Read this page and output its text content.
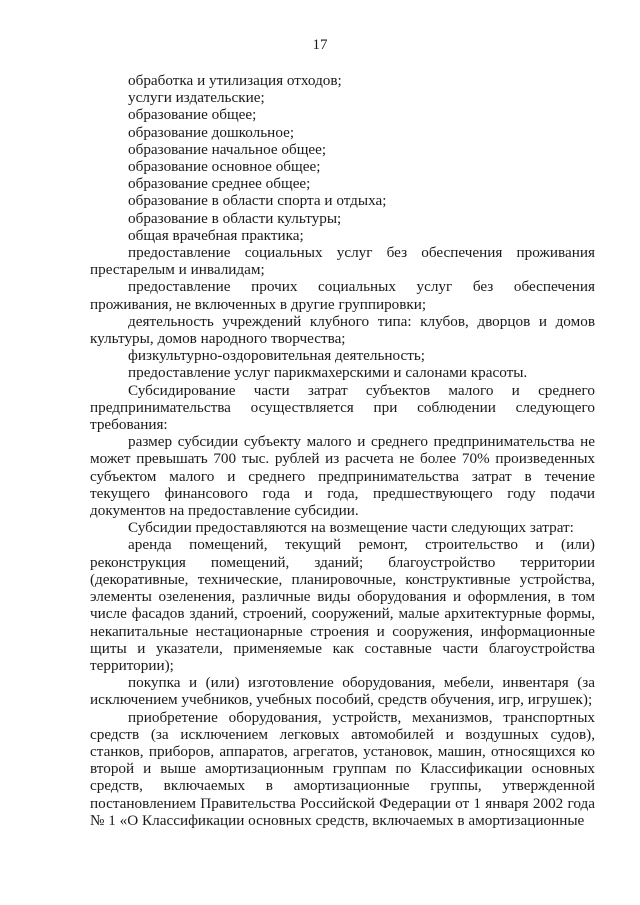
17

обработка и утилизация отходов;

услуги издательские;

образование общее;

образование дошкольное;

образование начальное общее;

образование основное общее;

образование среднее общее;

образование в области спорта и отдыха;

образование в области культуры;

общая врачебная практика;

предоставление социальных услуг без обеспечения проживания престарелым и инвалидам;

предоставление прочих социальных услуг без обеспечения проживания, не включенных в другие группировки;

деятельность учреждений клубного типа: клубов, дворцов и домов культуры, домов народного творчества;

физкультурно-оздоровительная деятельность;

предоставление услуг парикмахерскими и салонами красоты.

Субсидирование части затрат субъектов малого и среднего предпринимательства осуществляется при соблюдении следующего требования:

размер субсидии субъекту малого и среднего предпринимательства не может превышать 700 тыс. рублей из расчета не более 70% произведенных субъектом малого и среднего предпринимательства затрат в течение текущего финансового года и года, предшествующего году подачи документов на предоставление субсидии.

Субсидии предоставляются на возмещение части следующих затрат:

аренда помещений, текущий ремонт, строительство и (или) реконструкция помещений, зданий; благоустройство территории (декоративные, технические, планировочные, конструктивные устройства, элементы озеленения, различные виды оборудования и оформления, в том числе фасадов зданий, строений, сооружений, малые архитектурные формы, некапитальные нестационарные строения и сооружения, информационные щиты и указатели, применяемые как составные части благоустройства территории);

покупка и (или) изготовление оборудования, мебели, инвентаря (за исключением учебников, учебных пособий, средств обучения, игр, игрушек);

приобретение оборудования, устройств, механизмов, транспортных средств (за исключением легковых автомобилей и воздушных судов), станков, приборов, аппаратов, агрегатов, установок, машин, относящихся ко второй и выше амортизационным группам по Классификации основных средств, включаемых в амортизационные группы, утвержденной постановлением Правительства Российской Федерации от 1 января 2002 года № 1 «О Классификации основных средств, включаемых в амортизационные
